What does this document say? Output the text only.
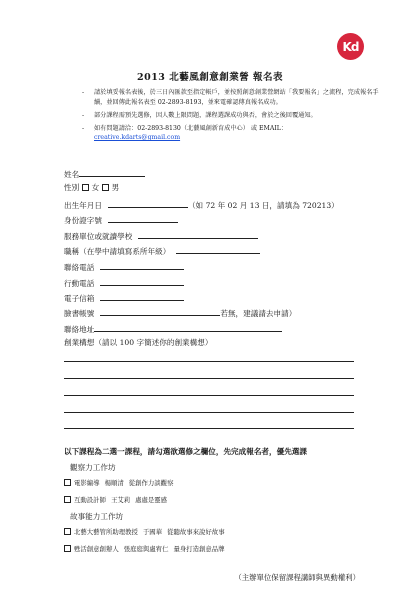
Kd
2013 北藝風創意創業營 報名表
- 請於填妥報名表後，於三日內匯款至指定帳戶，並按照創意創業營網站「我要報名」之流程，完成報名手續，並回傳此報名表至 02-2893-8193，並來電確認傳真報名成功。
- 部分課程需預先選修，因人數上限問題，課程選課成功與否，會於之後回覆通知。
- 如有問題請洽：02-2893-8130（北藝風創新育成中心） 或 EMAIL：
creative.kdarts@gmail.com
姓名
性別 女 男
出生年月日	（如 72 年 02 月 13 日，請填為 720213）
身份證字號
服務單位或就讀學校
職稱（在學中請填寫系所年級）
聯絡電話
行動電話
電子信箱
臉書帳號	若無，建議請去申請）
聯絡地址
創業構想（請以 100 字簡述你的創業構想）
以下課程為二選一課程，請勾選欲選修之欄位，先完成報名者，優先選課
觀察力工作坊
電影編導 楊順清 從創作力談觀察
互動設計師 王艾莉 處處是靈感
故事能力工作坊
北藝大藝管所助理教授 于國華 從聽故事來說好故事
甦活創意創辦人 張庭庭與盧宥仁 量身打造創意品牌
（主辦單位保留課程講師與異動權利）
